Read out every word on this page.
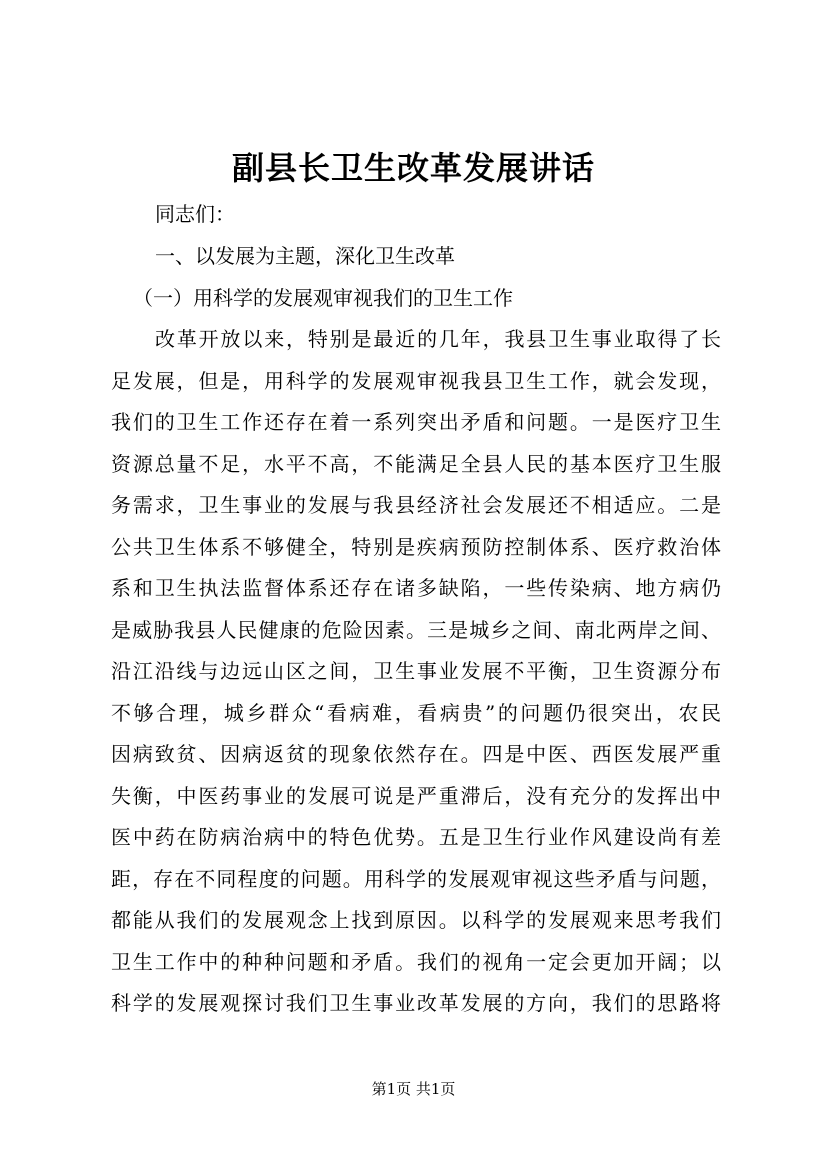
副县长卫生改革发展讲话
同志们：
一、以发展为主题，深化卫生改革
（一）用科学的发展观审视我们的卫生工作
改革开放以来，特别是最近的几年，我县卫生事业取得了长
足发展，但是，用科学的发展观审视我县卫生工作，就会发现，
我们的卫生工作还存在着一系列突出矛盾和问题。一是医疗卫生
资源总量不足，水平不高，不能满足全县人民的基本医疗卫生服
务需求，卫生事业的发展与我县经济社会发展还不相适应。二是
公共卫生体系不够健全，特别是疾病预防控制体系、医疗救治体
系和卫生执法监督体系还存在诸多缺陷，一些传染病、地方病仍
是威胁我县人民健康的危险因素。三是城乡之间、南北两岸之间、
沿江沿线与边远山区之间，卫生事业发展不平衡，卫生资源分布
不够合理，城乡群众“看病难，看病贵”的问题仍很突出，农民
因病致贫、因病返贫的现象依然存在。四是中医、西医发展严重
失衡，中医药事业的发展可说是严重滞后，没有充分的发挥出中
医中药在防病治病中的特色优势。五是卫生行业作风建设尚有差
距，存在不同程度的问题。用科学的发展观审视这些矛盾与问题，
都能从我们的发展观念上找到原因。以科学的发展观来思考我们
卫生工作中的种种问题和矛盾。我们的视角一定会更加开阔；以
科学的发展观探讨我们卫生事业改革发展的方向，我们的思路将
第1页 共1页
